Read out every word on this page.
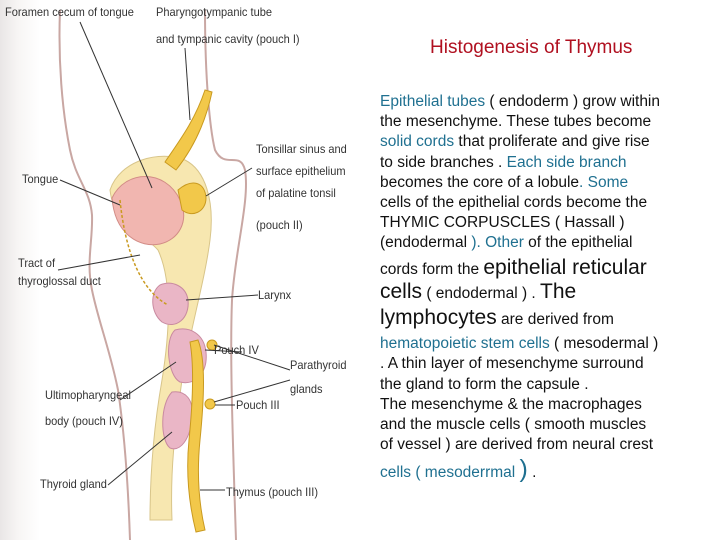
Foramen cecum of tongue Pharyngotympanic tube
and tympanic cavity (pouch I)
Tonsillar sinus and
surface epithelium
of palatine tonsil
(pouch II)
Tongue
Tract of
thyroglossal duct
Larynx
Pouch IV
Parathyroid
glands
Ultimopharyngeal
body (pouch IV)
Pouch III
Thyroid gland
Thymus (pouch III)
Histogenesis of Thymus
Epithelial tubes ( endoderm ) grow within
the mesenchyme. These tubes become
solid cords that proliferate and give rise
to side branches . Each side branch
becomes the core of a lobule. Some
cells of the epithelial cords become the
THYMIC CORPUSCLES ( Hassall )
(endodermal ). Other of the epithelial
cords form the epithelial reticular
cells ( endodermal ) . The
lymphocytes are derived from
hematopoietic stem cells ( mesodermal )
. A thin layer of mesenchyme surround
the gland to form the capsule .
The mesenchyme & the macrophages
and the muscle cells ( smooth muscles
of vessel ) are derived from neural crest
cells ( mesoderrmal ) .
